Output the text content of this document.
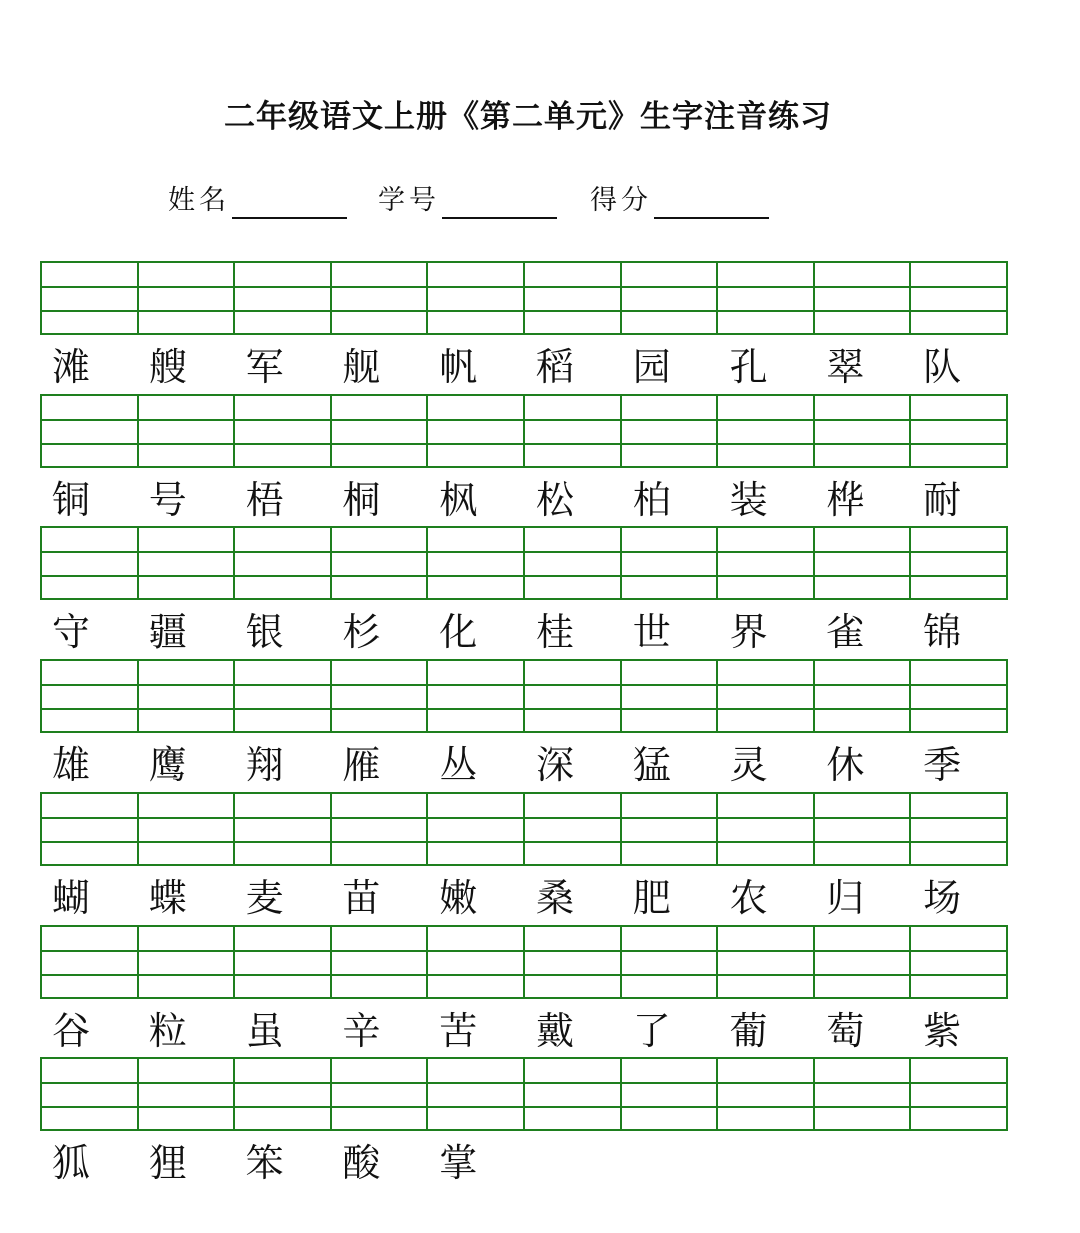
二年级语文上册《第二单元》生字注音练习
姓名	学号	得分
滩	艘	军	舰	帆	稻	园	孔	翠	队
铜	号	梧	桐	枫	松	柏	装	桦	耐
守	疆	银	杉	化	桂	世	界	雀	锦
雄	鹰	翔	雁	丛	深	猛	灵	休	季
蝴	蝶	麦	苗	嫩	桑	肥	农	归	场
谷	粒	虽	辛	苦	戴	了	葡	萄	紫
狐	狸	笨	酸	掌
